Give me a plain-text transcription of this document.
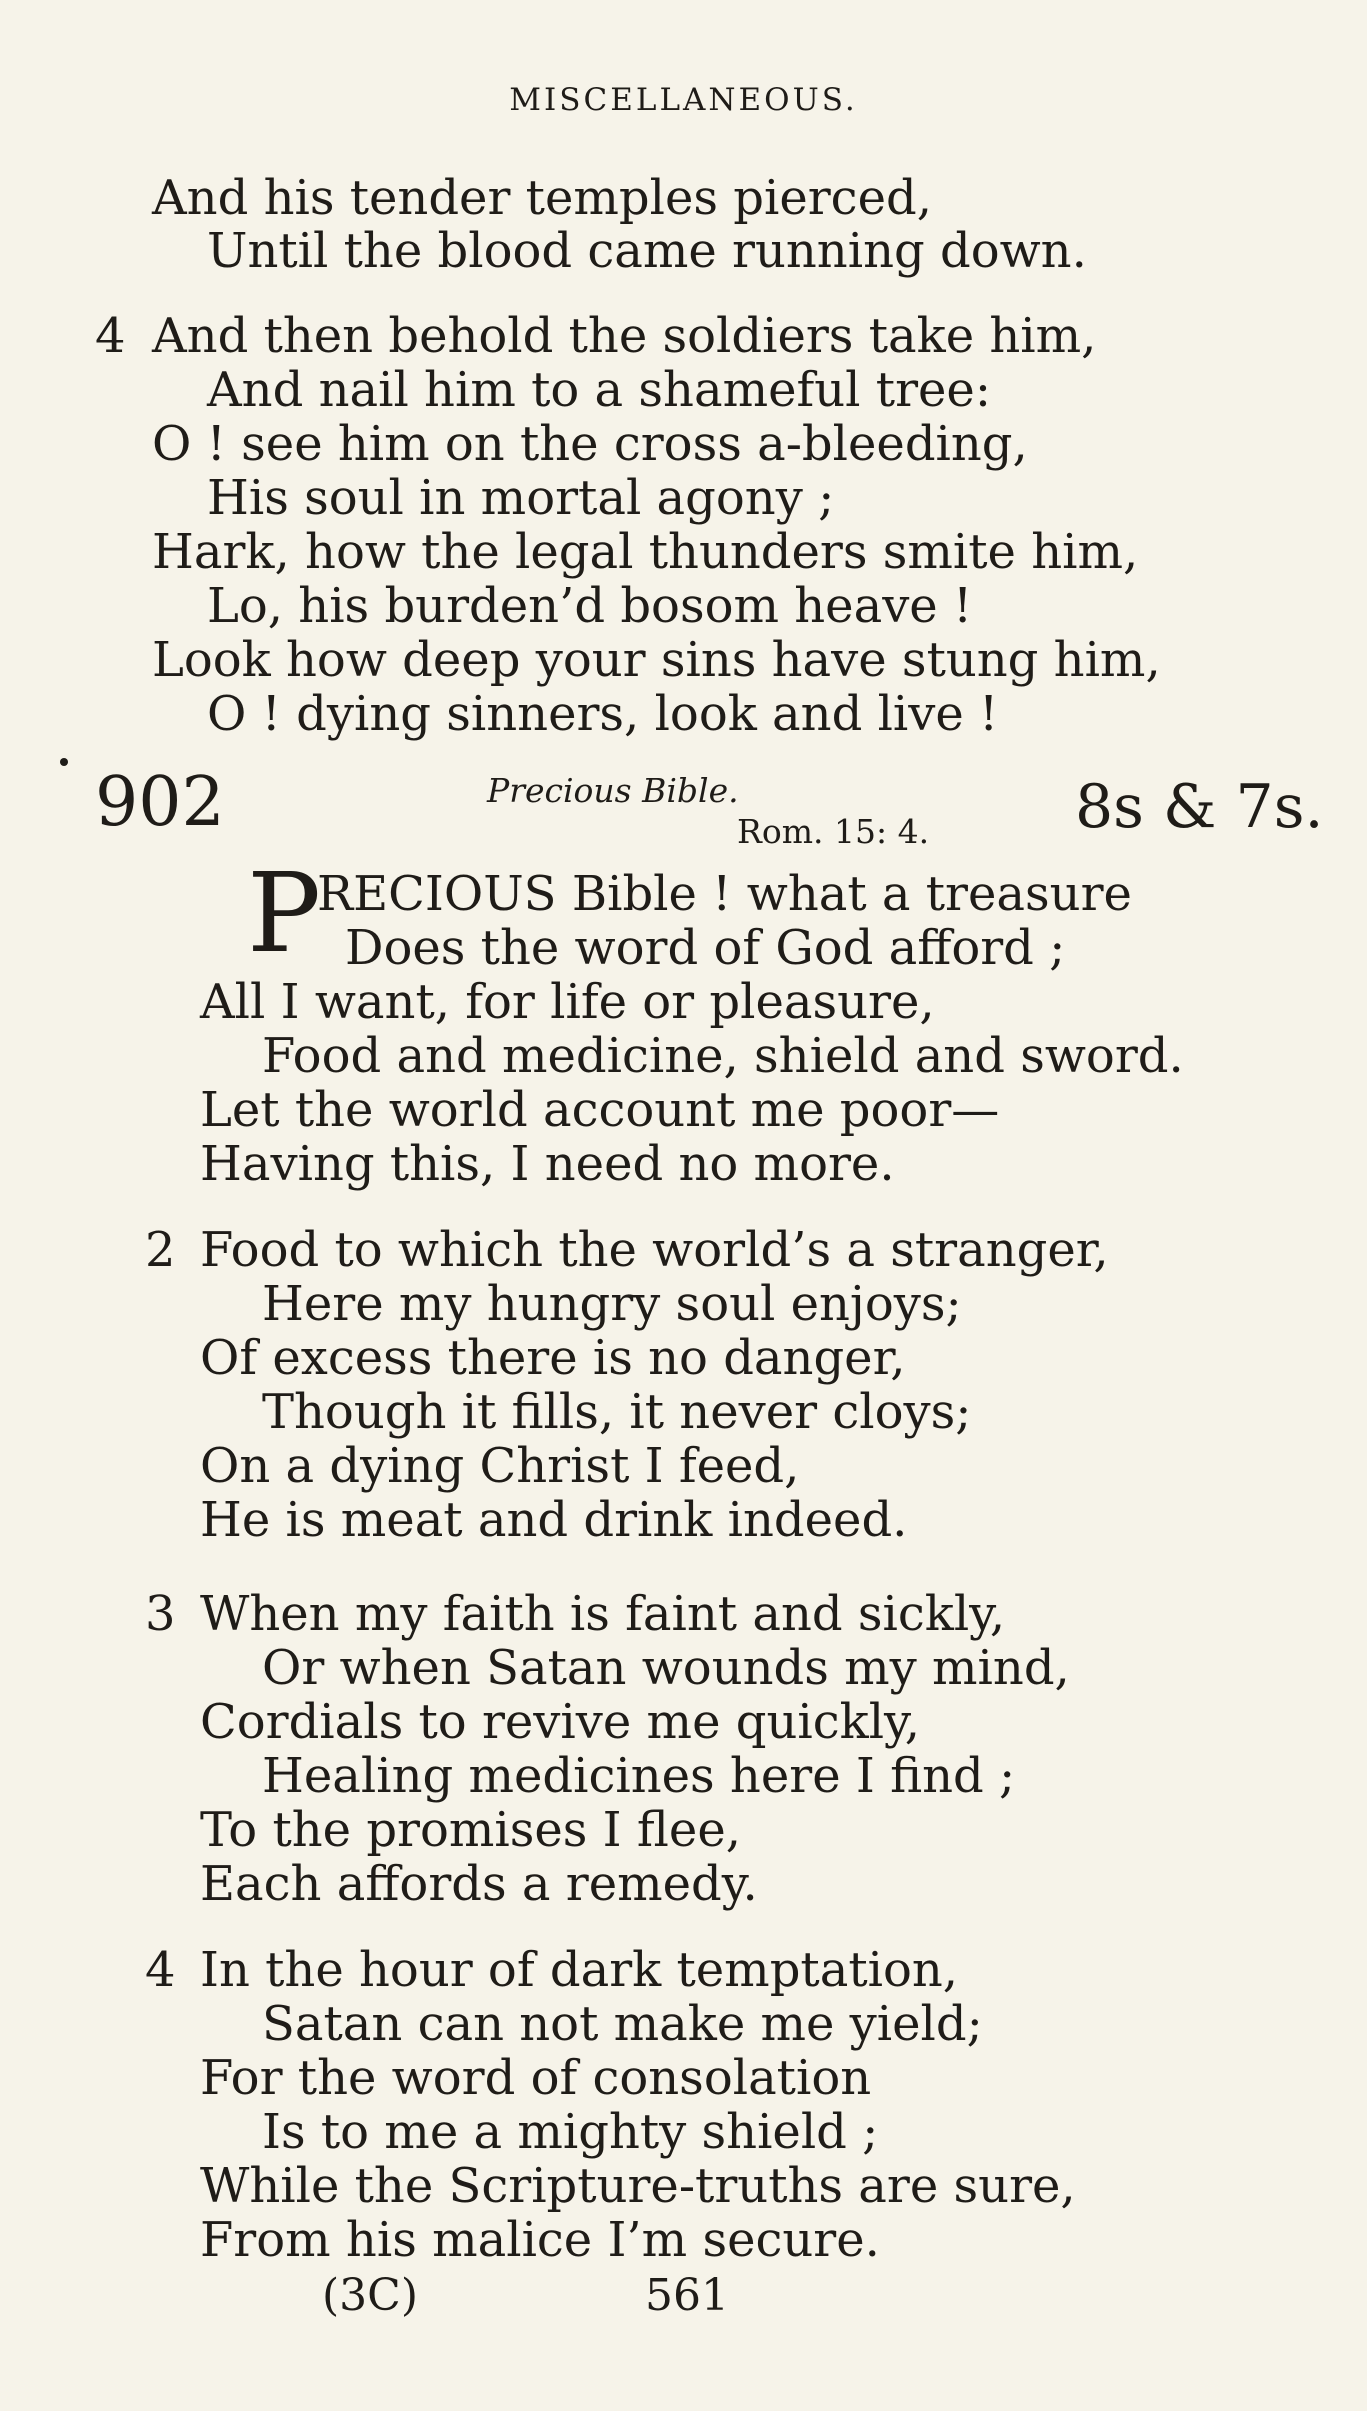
MISCELLANEOUS.
And his tender temples pierced,
Until the blood came running down.
4 And then behold the soldiers take him,
And nail him to a shameful tree:
O ! see him on the cross a-bleeding,
His soul in mortal agony ;
Hark, how the legal thunders smite him,
Lo, his burden’d bosom heave !
Look how deep your sins have stung him,
O ! dying sinners, look and live !
902	Precious Bible.
Rom. 15: 4. 8s & 7s.
P
RECIOUS Bible ! what a treasure
Does the word of God afford ;
All I want, for life or pleasure,
Food and medicine, shield and sword.
Let the world account me poor—
Having this, I need no more.
2 Food to which the world’s a stranger,
Here my hungry soul enjoys;
Of excess there is no danger,
Though it fills, it never cloys;
On a dying Christ I feed,
He is meat and drink indeed.
3 When my faith is faint and sickly,
Or when Satan wounds my mind,
Cordials to revive me quickly,
Healing medicines here I find ;
To the promises I flee,
Each affords a remedy.
4 In the hour of dark temptation,
Satan can not make me yield;
For the word of consolation
Is to me a mighty shield ;
While the Scripture-truths are sure,
From his malice I’m secure.
(3C)	561
